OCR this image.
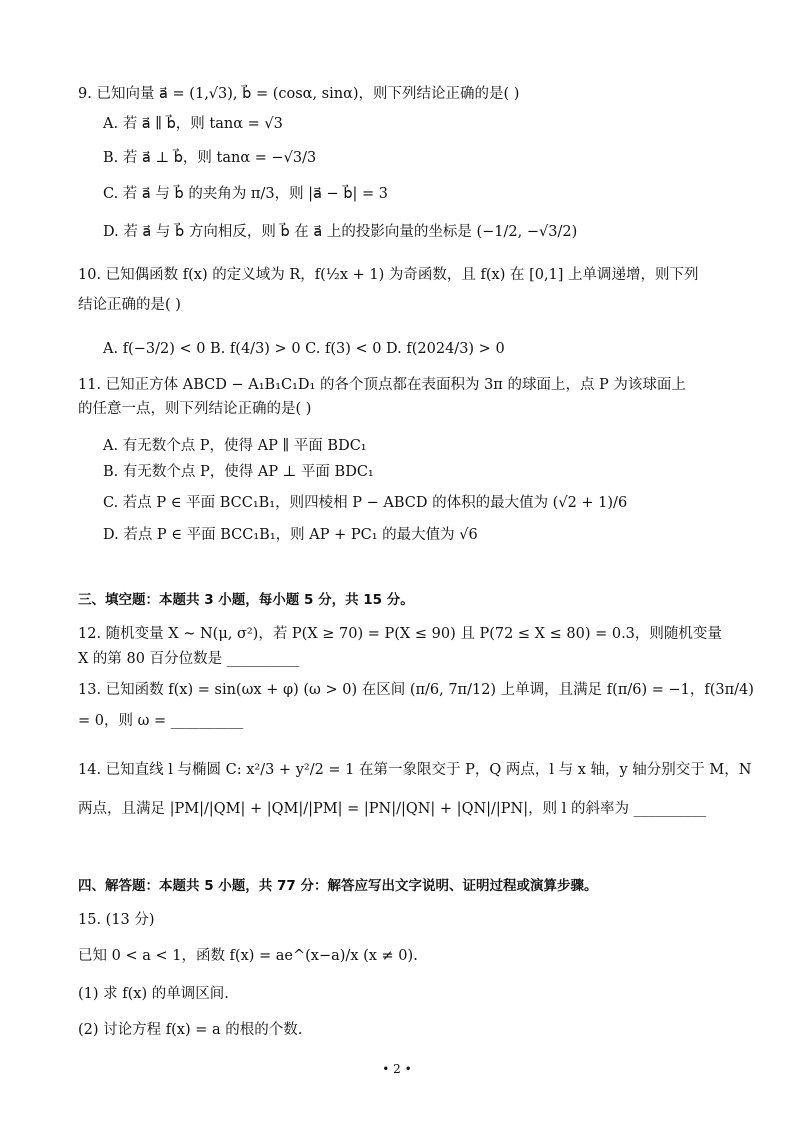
9. 已知向量 a⃗ = (1,√3), b⃗ = (cosα, sinα)，则下列结论正确的是( )
A. 若 a⃗ ∥ b⃗，则 tanα = √3
B. 若 a⃗ ⊥ b⃗，则 tanα = −√3/3
C. 若 a⃗ 与 b⃗ 的夹角为 π/3，则 |a⃗ − b⃗| = 3
D. 若 a⃗ 与 b⃗ 方向相反，则 b⃗ 在 a⃗ 上的投影向量的坐标是 (−1/2, −√3/2)
10. 已知偶函数 f(x) 的定义域为 R，f(½x + 1) 为奇函数，且 f(x) 在 [0,1] 上单调递增，则下列
结论正确的是( )
A. f(−3/2) < 0 B. f(4/3) > 0 C. f(3) < 0 D. f(2024/3) > 0
11. 已知正方体 ABCD − A₁B₁C₁D₁ 的各个顶点都在表面积为 3π 的球面上，点 P 为该球面上
的任意一点，则下列结论正确的是( )
A. 有无数个点 P，使得 AP ∥ 平面 BDC₁
B. 有无数个点 P，使得 AP ⊥ 平面 BDC₁
C. 若点 P ∈ 平面 BCC₁B₁，则四棱相 P − ABCD 的体积的最大值为 (√2 + 1)/6
D. 若点 P ∈ 平面 BCC₁B₁，则 AP + PC₁ 的最大值为 √6
三、填空题：本题共 3 小题，每小题 5 分，共 15 分。
12. 随机变量 X ~ N(μ, σ²)，若 P(X ≥ 70) = P(X ≤ 90) 且 P(72 ≤ X ≤ 80) = 0.3，则随机变量
X 的第 80 百分位数是 __________
13. 已知函数 f(x) = sin(ωx + φ) (ω > 0) 在区间 (π/6, 7π/12) 上单调，且满足 f(π/6) = −1，f(3π/4)
= 0，则 ω = __________
14. 已知直线 l 与椭圆 C: x²/3 + y²/2 = 1 在第一象限交于 P，Q 两点，l 与 x 轴，y 轴分别交于 M，N
两点，且满足 |PM|/|QM| + |QM|/|PM| = |PN|/|QN| + |QN|/|PN|，则 l 的斜率为 __________
四、解答题：本题共 5 小题，共 77 分：解答应写出文字说明、证明过程或演算步骤。
15. (13 分)
已知 0 < a < 1，函数 f(x) = ae^(x−a)/x (x ≠ 0).
(1) 求 f(x) 的单调区间.
(2) 讨论方程 f(x) = a 的根的个数.
• 2 •
